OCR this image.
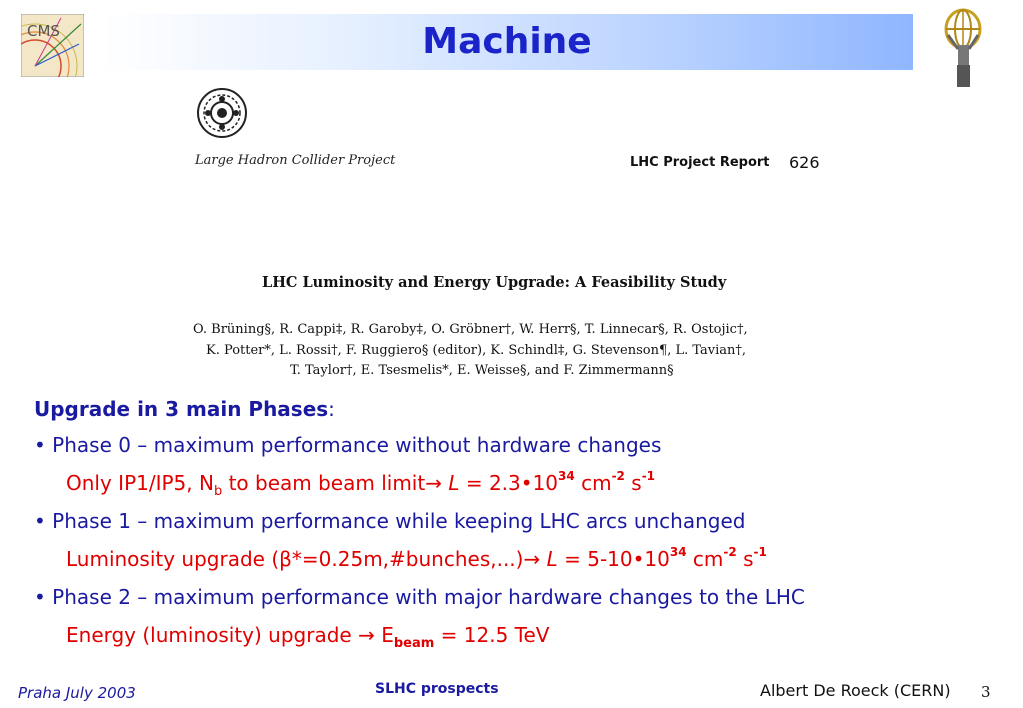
Machine
CMS
Large Hadron Collider Project	LHC Project Report 626
LHC Luminosity and Energy Upgrade: A Feasibility Study
O. Brüning§, R. Cappi‡, R. Garoby‡, O. Gröbner†, W. Herr§, T. Linnecar§, R. Ostojic†,
K. Potter*, L. Rossi†, F. Ruggiero§ (editor), K. Schindl‡, G. Stevenson¶, L. Tavian†,
T. Taylor†, E. Tsesmelis*, E. Weisse§, and F. Zimmermann§
Upgrade in 3 main Phases:
• Phase 0 – maximum performance without hardware changes
Only IP1/IP5, $N_b$ to beam beam limit→ $L = 2.3•10^{34}$ $cm^{-2}$ $s^{-1}$
• Phase 1 – maximum performance while keeping LHC arcs unchanged
Luminosity upgrade (β*=0.25m,#bunches,...)→ $L = 5-10•10^{34}$ $cm^{-2}$ $s^{-1}$
• Phase 2 – maximum performance with major hardware changes to the LHC
Energy (luminosity) upgrade → $E_{beam} = 12.5$ TeV
Praha July 2003	SLHC prospects	Albert De Roeck (CERN) 3
